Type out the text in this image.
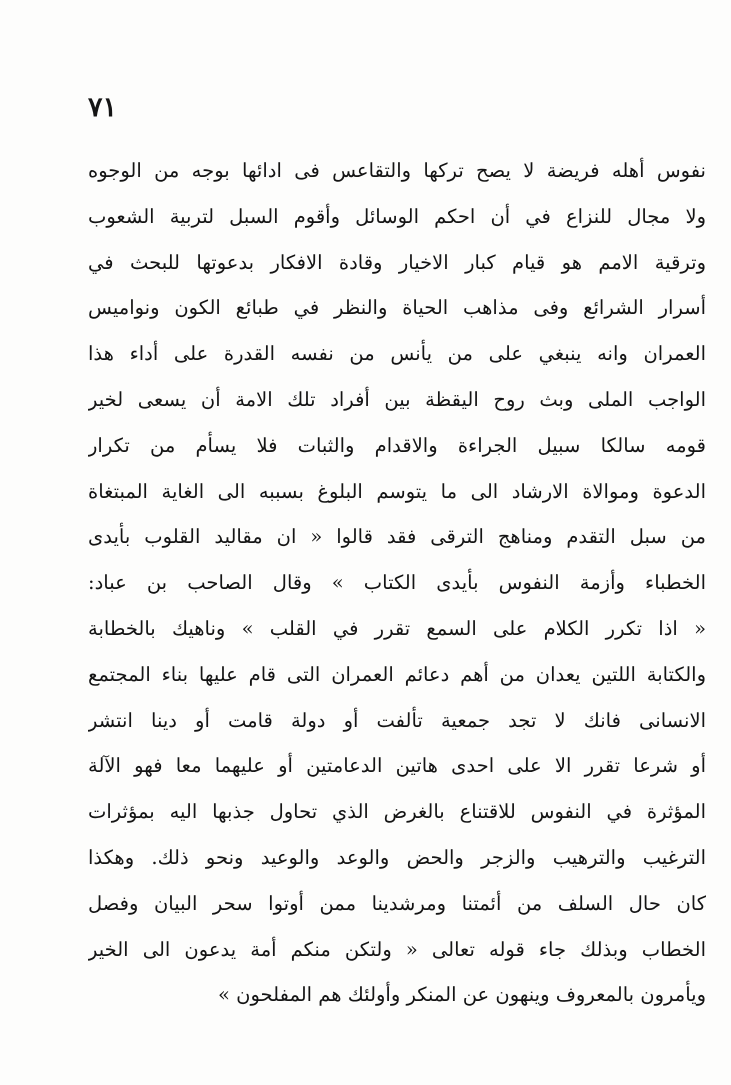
٧١
نفوس أهله فريضة لا يصح تركها والتقاعس فى ادائها بوجه من الوجوه
ولا مجال للنزاع في أن احكم الوسائل وأقوم السبل لتربية الشعوب
وترقية الامم هو قيام كبار الاخيار وقادة الافكار بدعوتها للبحث في
أسرار الشرائع وفى مذاهب الحياة والنظر في طبائع الكون ونواميس
العمران وانه ينبغي على من يأنس من نفسه القدرة على أداء هذا
الواجب الملى وبث روح اليقظة بين أفراد تلك الامة أن يسعى لخير
قومه سالكا سبيل الجراءة والاقدام والثبات فلا يسأم من تكرار
الدعوة وموالاة الارشاد الى ما يتوسم البلوغ بسببه الى الغاية المبتغاة
من سبل التقدم ومناهج الترقى فقد قالوا « ان مقاليد القلوب بأيدى
الخطباء وأزمة النفوس بأيدى الكتاب » وقال الصاحب بن عباد:
« اذا تكرر الكلام على السمع تقرر في القلب » وناهيك بالخطابة
والكتابة اللتين يعدان من أهم دعائم العمران التى قام عليها بناء المجتمع
الانسانى فانك لا تجد جمعية تألفت أو دولة قامت أو دينا انتشر
أو شرعا تقرر الا على احدى هاتين الدعامتين أو عليهما معا فهو الآلة
المؤثرة في النفوس للاقتناع بالغرض الذي تحاول جذبها اليه بمؤثرات
الترغيب والترهيب والزجر والحض والوعد والوعيد ونحو ذلك. وهكذا
كان حال السلف من أئمتنا ومرشدينا ممن أوتوا سحر البيان وفصل
الخطاب وبذلك جاء قوله تعالى « ولتكن منكم أمة يدعون الى الخير
ويأمرون بالمعروف وينهون عن المنكر وأولئك هم المفلحون »
